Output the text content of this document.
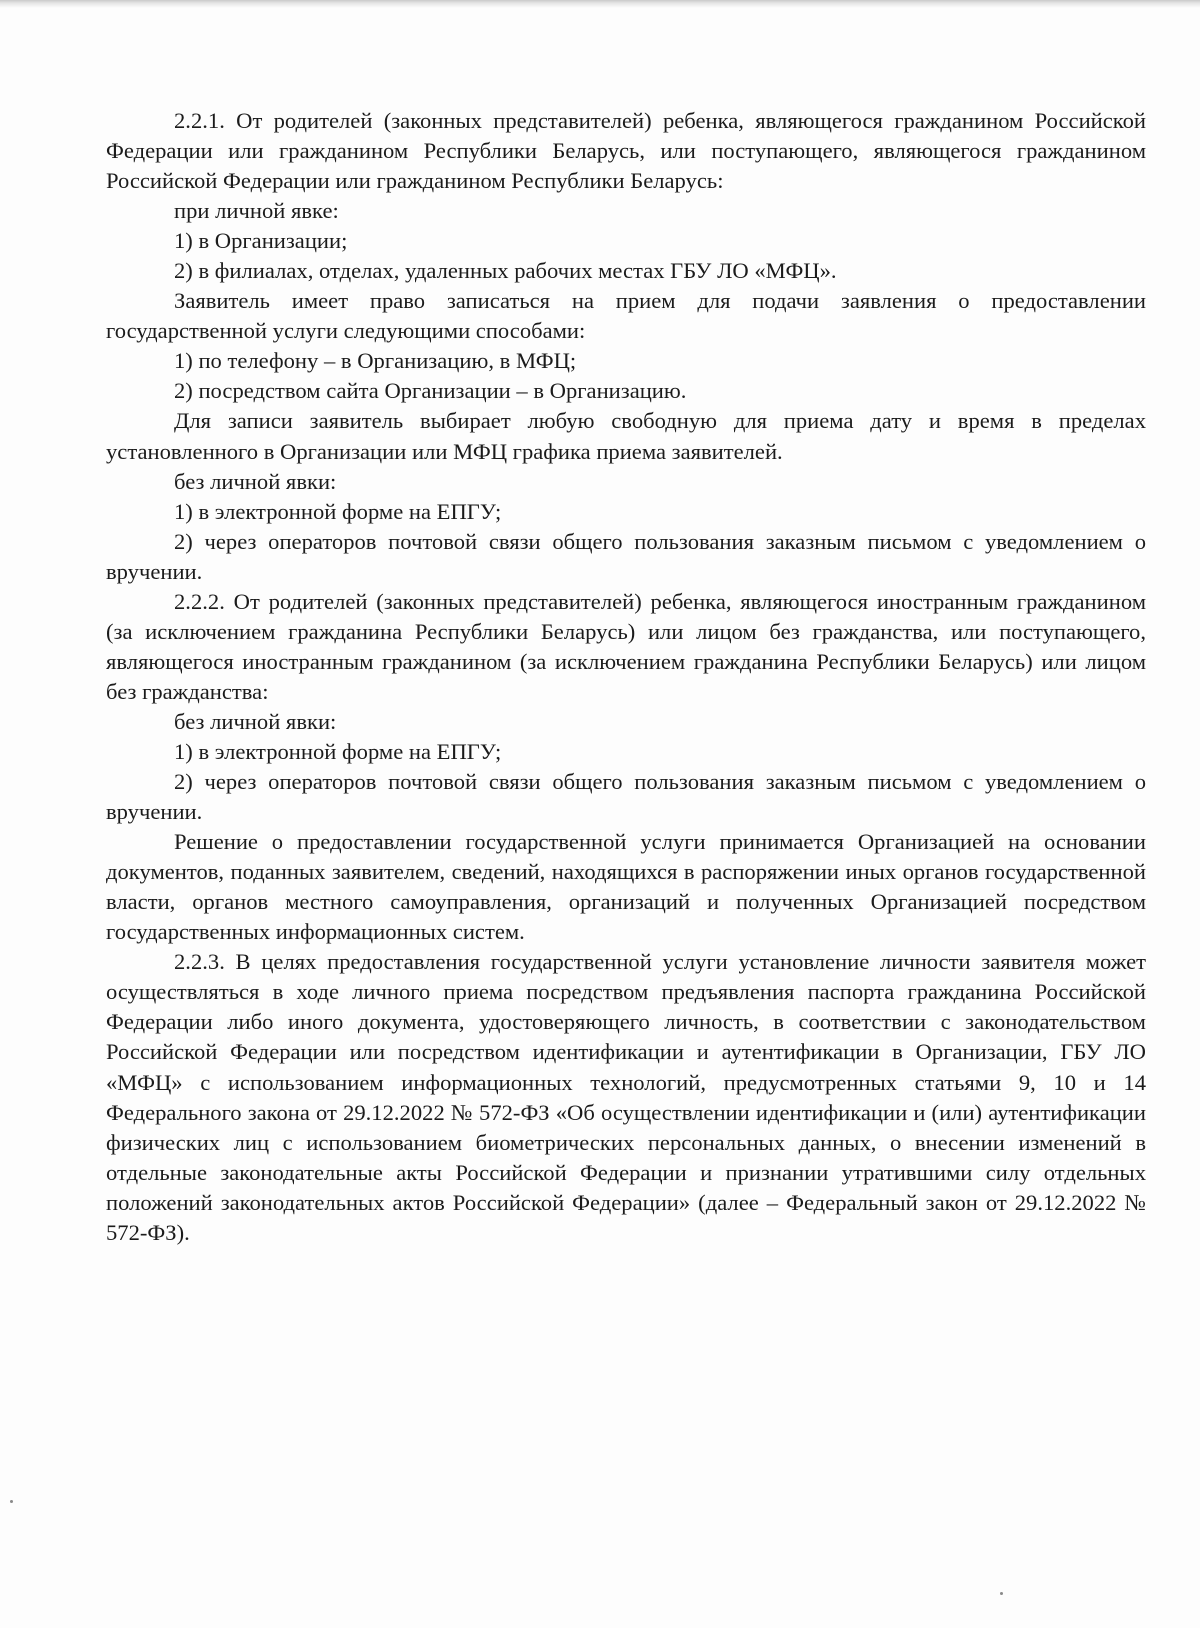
2.2.1. От родителей (законных представителей) ребенка, являющегося гражданином Российской Федерации или гражданином Республики Беларусь, или поступающего, являющегося гражданином Российской Федерации или гражданином Республики Беларусь:

при личной явке:

1) в Организации;

2) в филиалах, отделах, удаленных рабочих местах ГБУ ЛО «МФЦ».

Заявитель имеет право записаться на прием для подачи заявления о предоставлении государственной услуги следующими способами:

1) по телефону – в Организацию, в МФЦ;

2) посредством сайта Организации – в Организацию.

Для записи заявитель выбирает любую свободную для приема дату и время в пределах установленного в Организации или МФЦ графика приема заявителей.

без личной явки:

1) в электронной форме на ЕПГУ;

2) через операторов почтовой связи общего пользования заказным письмом с уведомлением о вручении.

2.2.2. От родителей (законных представителей) ребенка, являющегося иностранным гражданином (за исключением гражданина Республики Беларусь) или лицом без гражданства, или поступающего, являющегося иностранным гражданином (за исключением гражданина Республики Беларусь) или лицом без гражданства:

без личной явки:

1) в электронной форме на ЕПГУ;

2) через операторов почтовой связи общего пользования заказным письмом с уведомлением о вручении.

Решение о предоставлении государственной услуги принимается Организацией на основании документов, поданных заявителем, сведений, находящихся в распоряжении иных органов государственной власти, органов местного самоуправления, организаций и полученных Организацией посредством государственных информационных систем.

2.2.3. В целях предоставления государственной услуги установление личности заявителя может осуществляться в ходе личного приема посредством предъявления паспорта гражданина Российской Федерации либо иного документа, удостоверяющего личность, в соответствии с законодательством Российской Федерации или посредством идентификации и аутентификации в Организации, ГБУ ЛО «МФЦ» с использованием информационных технологий, предусмотренных статьями 9, 10 и 14 Федерального закона от 29.12.2022 № 572-ФЗ «Об осуществлении идентификации и (или) аутентификации физических лиц с использованием биометрических персональных данных, о внесении изменений в отдельные законодательные акты Российской Федерации и признании утратившими силу отдельных положений законодательных актов Российской Федерации» (далее – Федеральный закон от 29.12.2022 № 572-ФЗ).
